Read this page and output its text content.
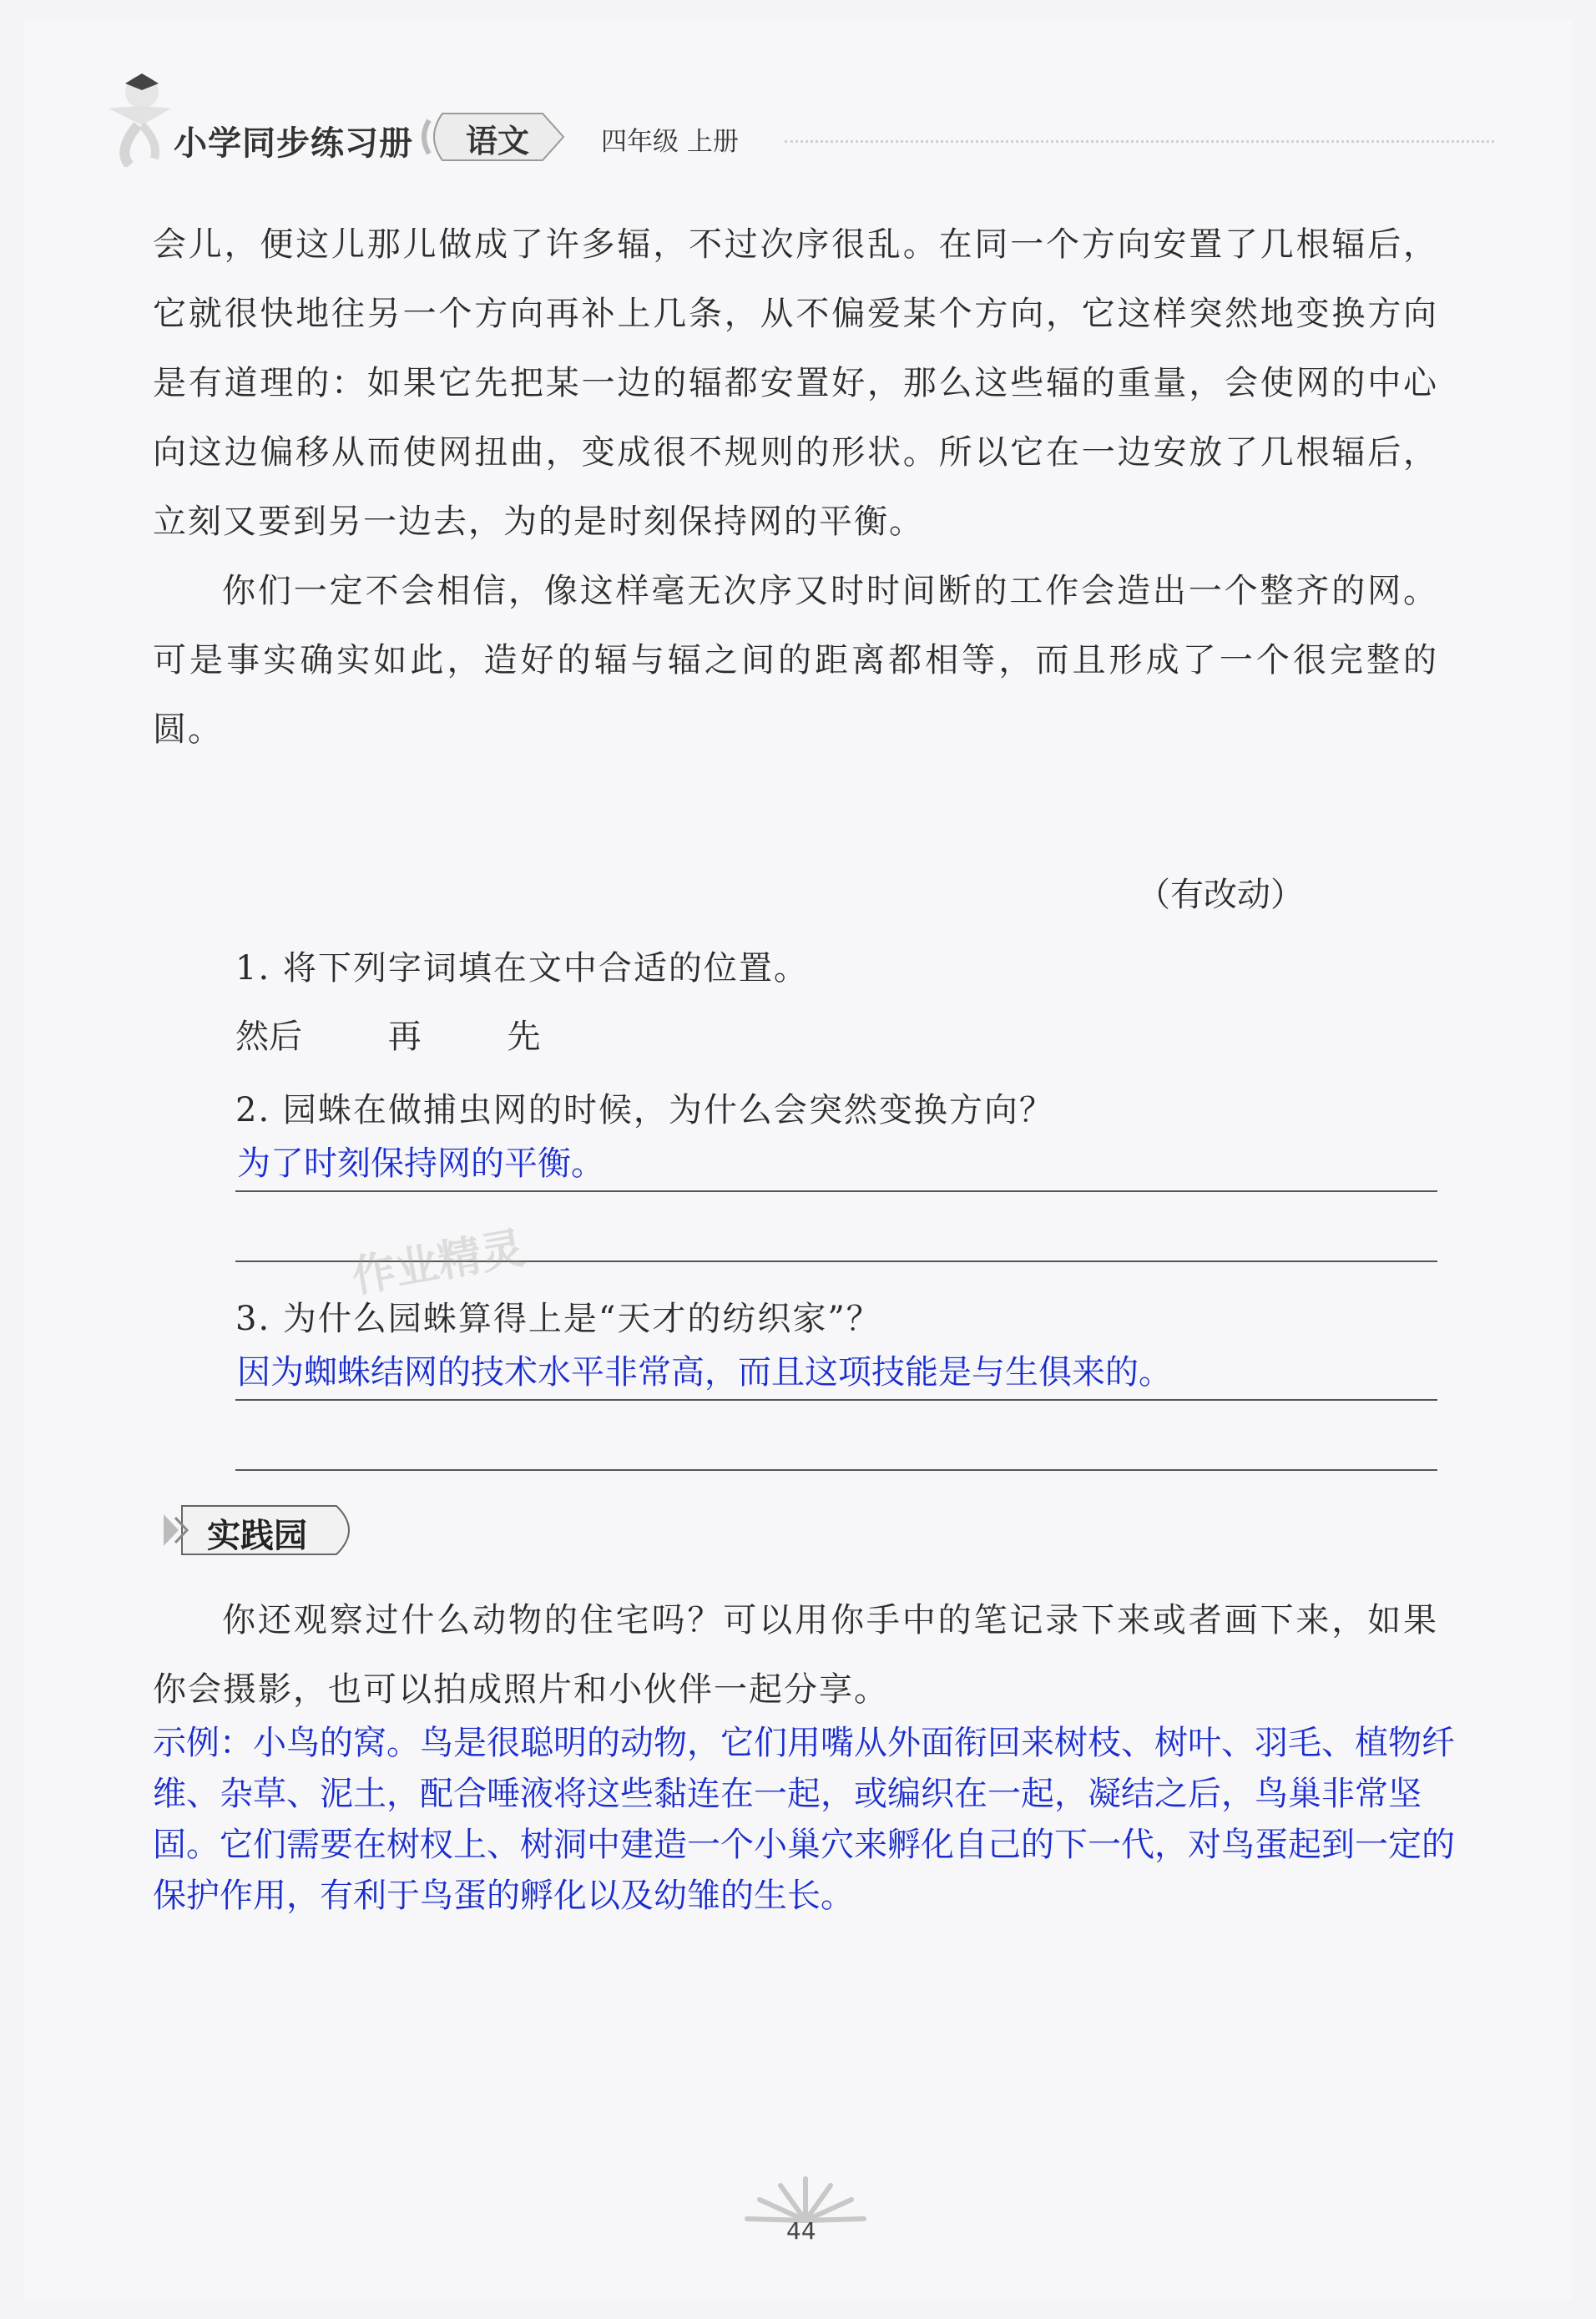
小学同步练习册 语文	四年级 上册

会儿，便这儿那儿做成了许多辐，不过次序很乱。在同一个方向安置了几根辐后，它就很快地往另一个方向再补上几条，从不偏爱某个方向，它这样突然地变换方向是有道理的：如果它先把某一边的辐都安置好，那么这些辐的重量，会使网的中心向这边偏移从而使网扭曲，变成很不规则的形状。所以它在一边安放了几根辐后，立刻又要到另一边去，为的是时刻保持网的平衡。

你们一定不会相信，像这样毫无次序又时时间断的工作会造出一个整齐的网。可是事实确实如此，造好的辐与辐之间的距离都相等，而且形成了一个很完整的圆。

（有改动）
1. 将下列字词填在文中合适的位置。
然后	再	先
2. 园蛛在做捕虫网的时候，为什么会突然变换方向？
为了时刻保持网的平衡。
3. 为什么园蛛算得上是“天才的纺织家”？
因为蜘蛛结网的技术水平非常高，而且这项技能是与生俱来的。
作业精灵
实践园

你还观察过什么动物的住宅吗？可以用你手中的笔记录下来或者画下来，如果你会摄影，也可以拍成照片和小伙伴一起分享。

示例：小鸟的窝。鸟是很聪明的动物，它们用嘴从外面衔回来树枝、树叶、羽毛、植物纤维、杂草、泥土，配合唾液将这些黏连在一起，或编织在一起，凝结之后，鸟巢非常坚固。它们需要在树杈上、树洞中建造一个小巢穴来孵化自己的下一代，对鸟蛋起到一定的保护作用，有利于鸟蛋的孵化以及幼雏的生长。
44
